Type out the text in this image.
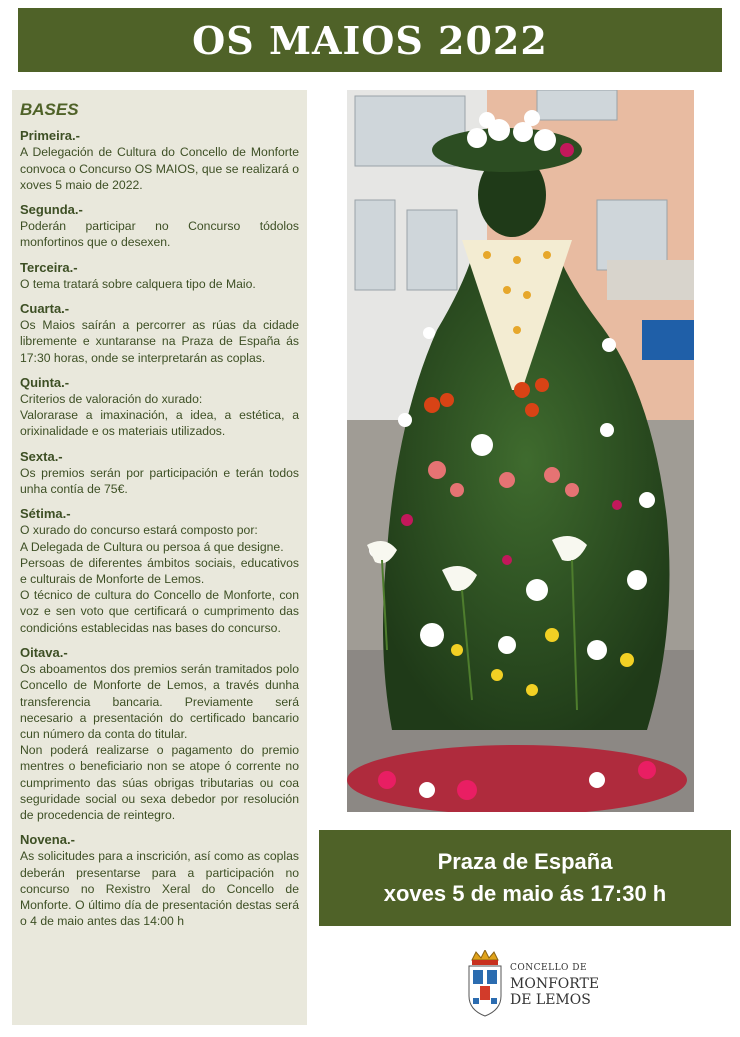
OS MAIOS 2022
BASES
Primeira.-

A Delegación de Cultura do Concello de Monforte convoca o Concurso OS MAIOS, que se realizará o xoves 5 maio de 2022.

Segunda.-

Poderán participar no Concurso tódolos monfortinos que o desexen.

Terceira.-

O tema tratará sobre calquera tipo de Maio.

Cuarta.-

Os Maios saírán a percorrer as rúas da cidade libremente e xuntaranse na Praza de España ás 17:30 horas, onde se interpretarán as coplas.

Quinta.-

Criterios de valoración do xurado:

Valorarase a imaxinación, a idea, a estética, a orixinalidade e os materiais utilizados.

Sexta.-

Os premios serán por participación e terán todos unha contía de 75€.

Sétima.-

O xurado do concurso estará composto por:

A Delegada de Cultura ou persoa á que designe.

Persoas de diferentes ámbitos sociais, educativos e culturais de Monforte de Lemos.

O técnico de cultura do Concello de Monforte, con voz e sen voto que certificará o cumprimento das condicións establecidas nas bases do concurso.

Oitava.-

Os aboamentos dos premios serán tramitados polo Concello de Monforte de Lemos, a través dunha transferencia bancaria. Previamente será necesario a presentación do certificado bancario cun número da conta do titular.

Non poderá realizarse o pagamento do premio mentres o beneficiario non se atope ó corrente no cumprimento das súas obrigas tributarias ou coa seguridade social ou sexa debedor por resolución de procedencia de reintegro.

Novena.-

As solicitudes para a inscrición, así como as coplas deberán presentarse para a participación no concurso no Rexistro Xeral do Concello de Monforte. O último día de presentación destas será o 4 de maio antes das 14:00 h

Praza de España
xoves 5 de maio ás 17:30 h
CONCELLO DE
MONFORTE
DE LEMOS
